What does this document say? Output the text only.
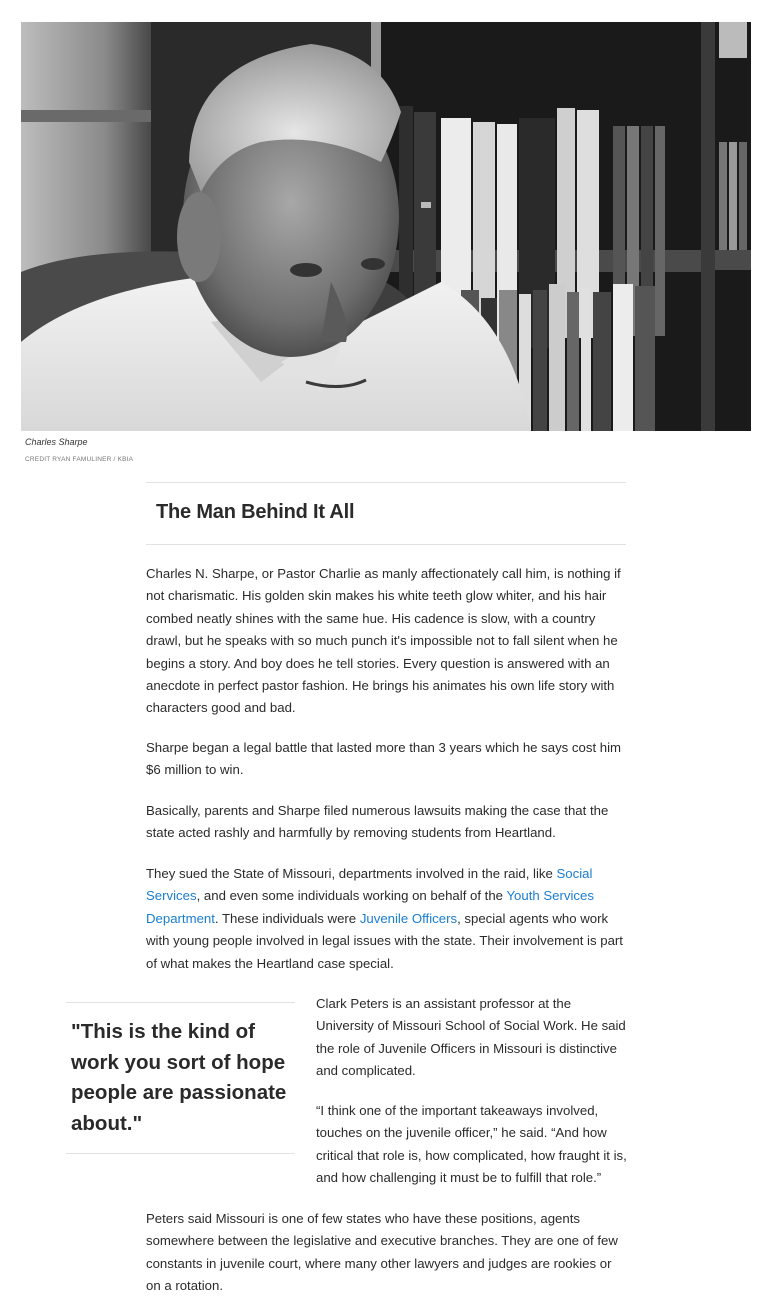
Charles Sharpe
CREDIT RYAN FAMULINER / KBIA
The Man Behind It All

Charles N. Sharpe, or Pastor Charlie as manly affectionately call him, is nothing if not charismatic. His golden skin makes his white teeth glow whiter, and his hair combed neatly shines with the same hue. His cadence is slow, with a country drawl, but he speaks with so much punch it's impossible not to fall silent when he begins a story. And boy does he tell stories. Every question is answered with an anecdote in perfect pastor fashion. He brings his animates his own life story with characters good and bad.

Sharpe began a legal battle that lasted more than 3 years which he says cost him $6 million to win.

Basically, parents and Sharpe filed numerous lawsuits making the case that the state acted rashly and harmfully by removing students from Heartland.

They sued the State of Missouri, departments involved in the raid, like Social Services, and even some individuals working on behalf of the Youth Services Department. These individuals were Juvenile Officers, special agents who work with young people involved in legal issues with the state. Their involvement is part of what makes the Heartland case special.

"This is the kind of work you sort of hope people are passionate about."

Clark Peters is an assistant professor at the University of Missouri School of Social Work. He said the role of Juvenile Officers in Missouri is distinctive and complicated.

“I think one of the important takeaways involved, touches on the juvenile officer,” he said. “And how critical that role is, how complicated, how fraught it is, and how challenging it must be to fulfill that role.”

Peters said Missouri is one of few states who have these positions, agents somewhere between the legislative and executive branches. They are one of few constants in juvenile court, where many other lawyers and judges are rookies or on a rotation.
